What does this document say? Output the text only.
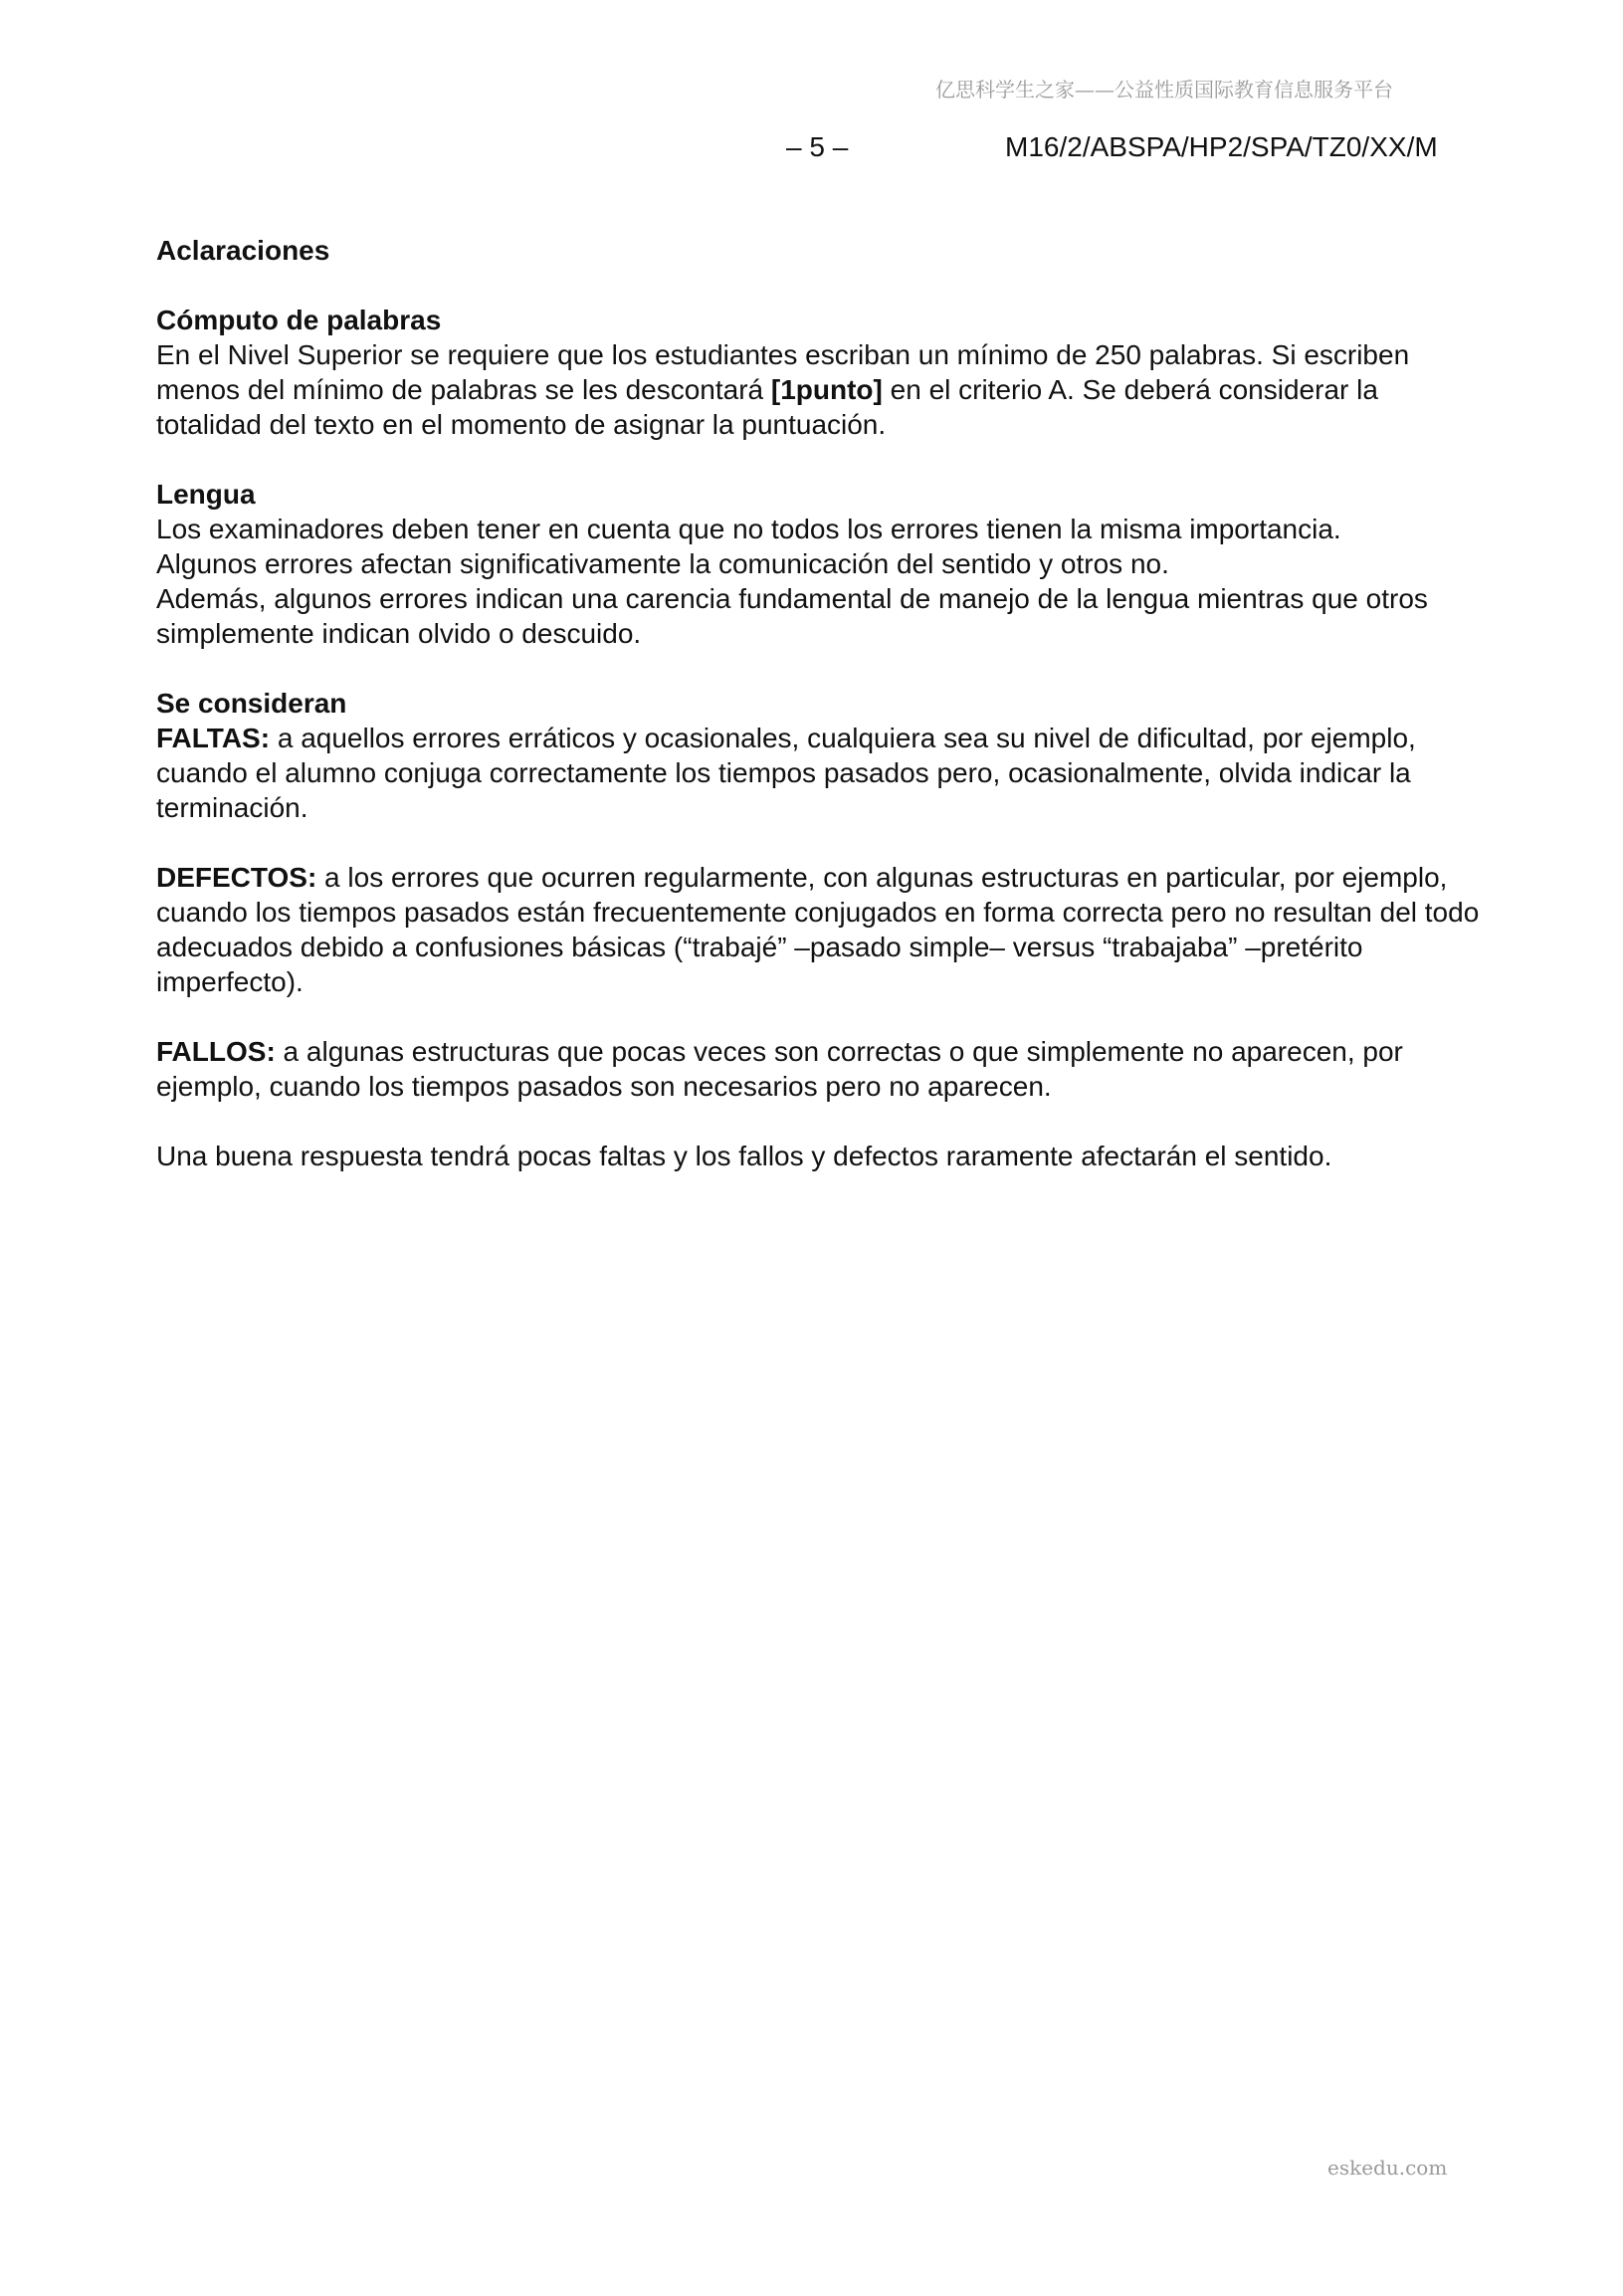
亿思科学生之家——公益性质国际教育信息服务平台
– 5 –	M16/2/ABSPA/HP2/SPA/TZ0/XX/M

Aclaraciones

Cómputo de palabras

En el Nivel Superior se requiere que los estudiantes escriban un mínimo de 250 palabras. Si escriben menos del mínimo de palabras se les descontará [1punto] en el criterio A. Se deberá considerar la totalidad del texto en el momento de asignar la puntuación.

Lengua

Los examinadores deben tener en cuenta que no todos los errores tienen la misma importancia.

Algunos errores afectan significativamente la comunicación del sentido y otros no.

Además, algunos errores indican una carencia fundamental de manejo de la lengua mientras que otros simplemente indican olvido o descuido.

Se consideran

FALTAS: a aquellos errores erráticos y ocasionales, cualquiera sea su nivel de dificultad, por ejemplo, cuando el alumno conjuga correctamente los tiempos pasados pero, ocasionalmente, olvida indicar la terminación.

DEFECTOS: a los errores que ocurren regularmente, con algunas estructuras en particular, por ejemplo, cuando los tiempos pasados están frecuentemente conjugados en forma correcta pero no resultan del todo adecuados debido a confusiones básicas (“trabajé” –pasado simple– versus “trabajaba” –pretérito imperfecto).

FALLOS: a algunas estructuras que pocas veces son correctas o que simplemente no aparecen, por ejemplo, cuando los tiempos pasados son necesarios pero no aparecen.

Una buena respuesta tendrá pocas faltas y los fallos y defectos raramente afectarán el sentido.

eskedu.com
